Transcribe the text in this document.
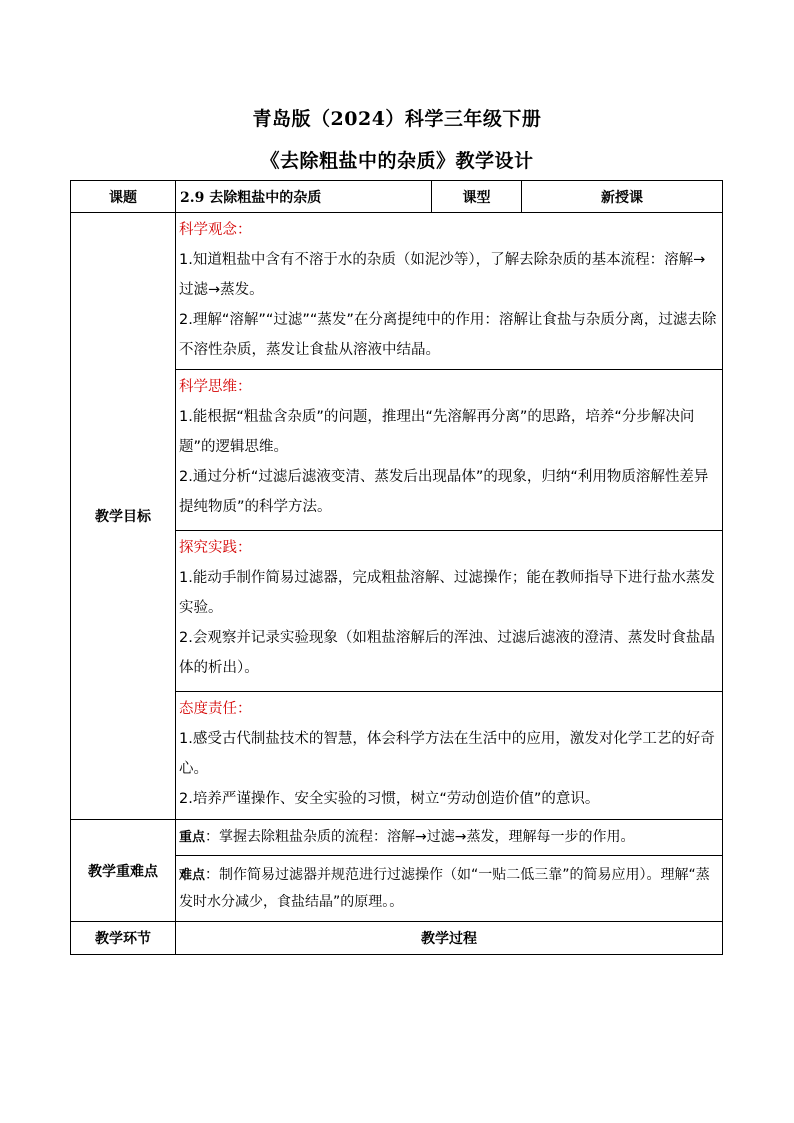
青岛版（2024）科学三年级下册
《去除粗盐中的杂质》教学设计
课题	2.9 去除粗盐中的杂质	课型	新授课
教学目标	科学观念：

1.知道粗盐中含有不溶于水的杂质（如泥沙等），了解去除杂质的基本流程：溶解→过滤→蒸发。

2.理解“溶解”“过滤”“蒸发”在分离提纯中的作用：溶解让食盐与杂质分离，过滤去除不溶性杂质，蒸发让食盐从溶液中结晶。		

	科学思维：

1.能根据“粗盐含杂质”的问题，推理出“先溶解再分离”的思路，培养“分步解决问题”的逻辑思维。

2.通过分析“过滤后滤液变清、蒸发后出现晶体”的现象，归纳“利用物质溶解性差异提纯物质”的科学方法。		

	探究实践：

1.能动手制作简易过滤器，完成粗盐溶解、过滤操作；能在教师指导下进行盐水蒸发实验。

2.会观察并记录实验现象（如粗盐溶解后的浑浊、过滤后滤液的澄清、蒸发时食盐晶体的析出）。		

	态度责任：

1.感受古代制盐技术的智慧，体会科学方法在生活中的应用，激发对化学工艺的好奇心。

2.培养严谨操作、安全实验的习惯，树立“劳动创造价值”的意识。		

教学重难点	重点：掌握去除粗盐杂质的流程：溶解→过滤→蒸发，理解每一步的作用。		
	难点：制作简易过滤器并规范进行过滤操作（如“一贴二低三靠”的简易应用）。理解“蒸发时水分减少，食盐结晶”的原理。。		
教学环节	教学过程		
